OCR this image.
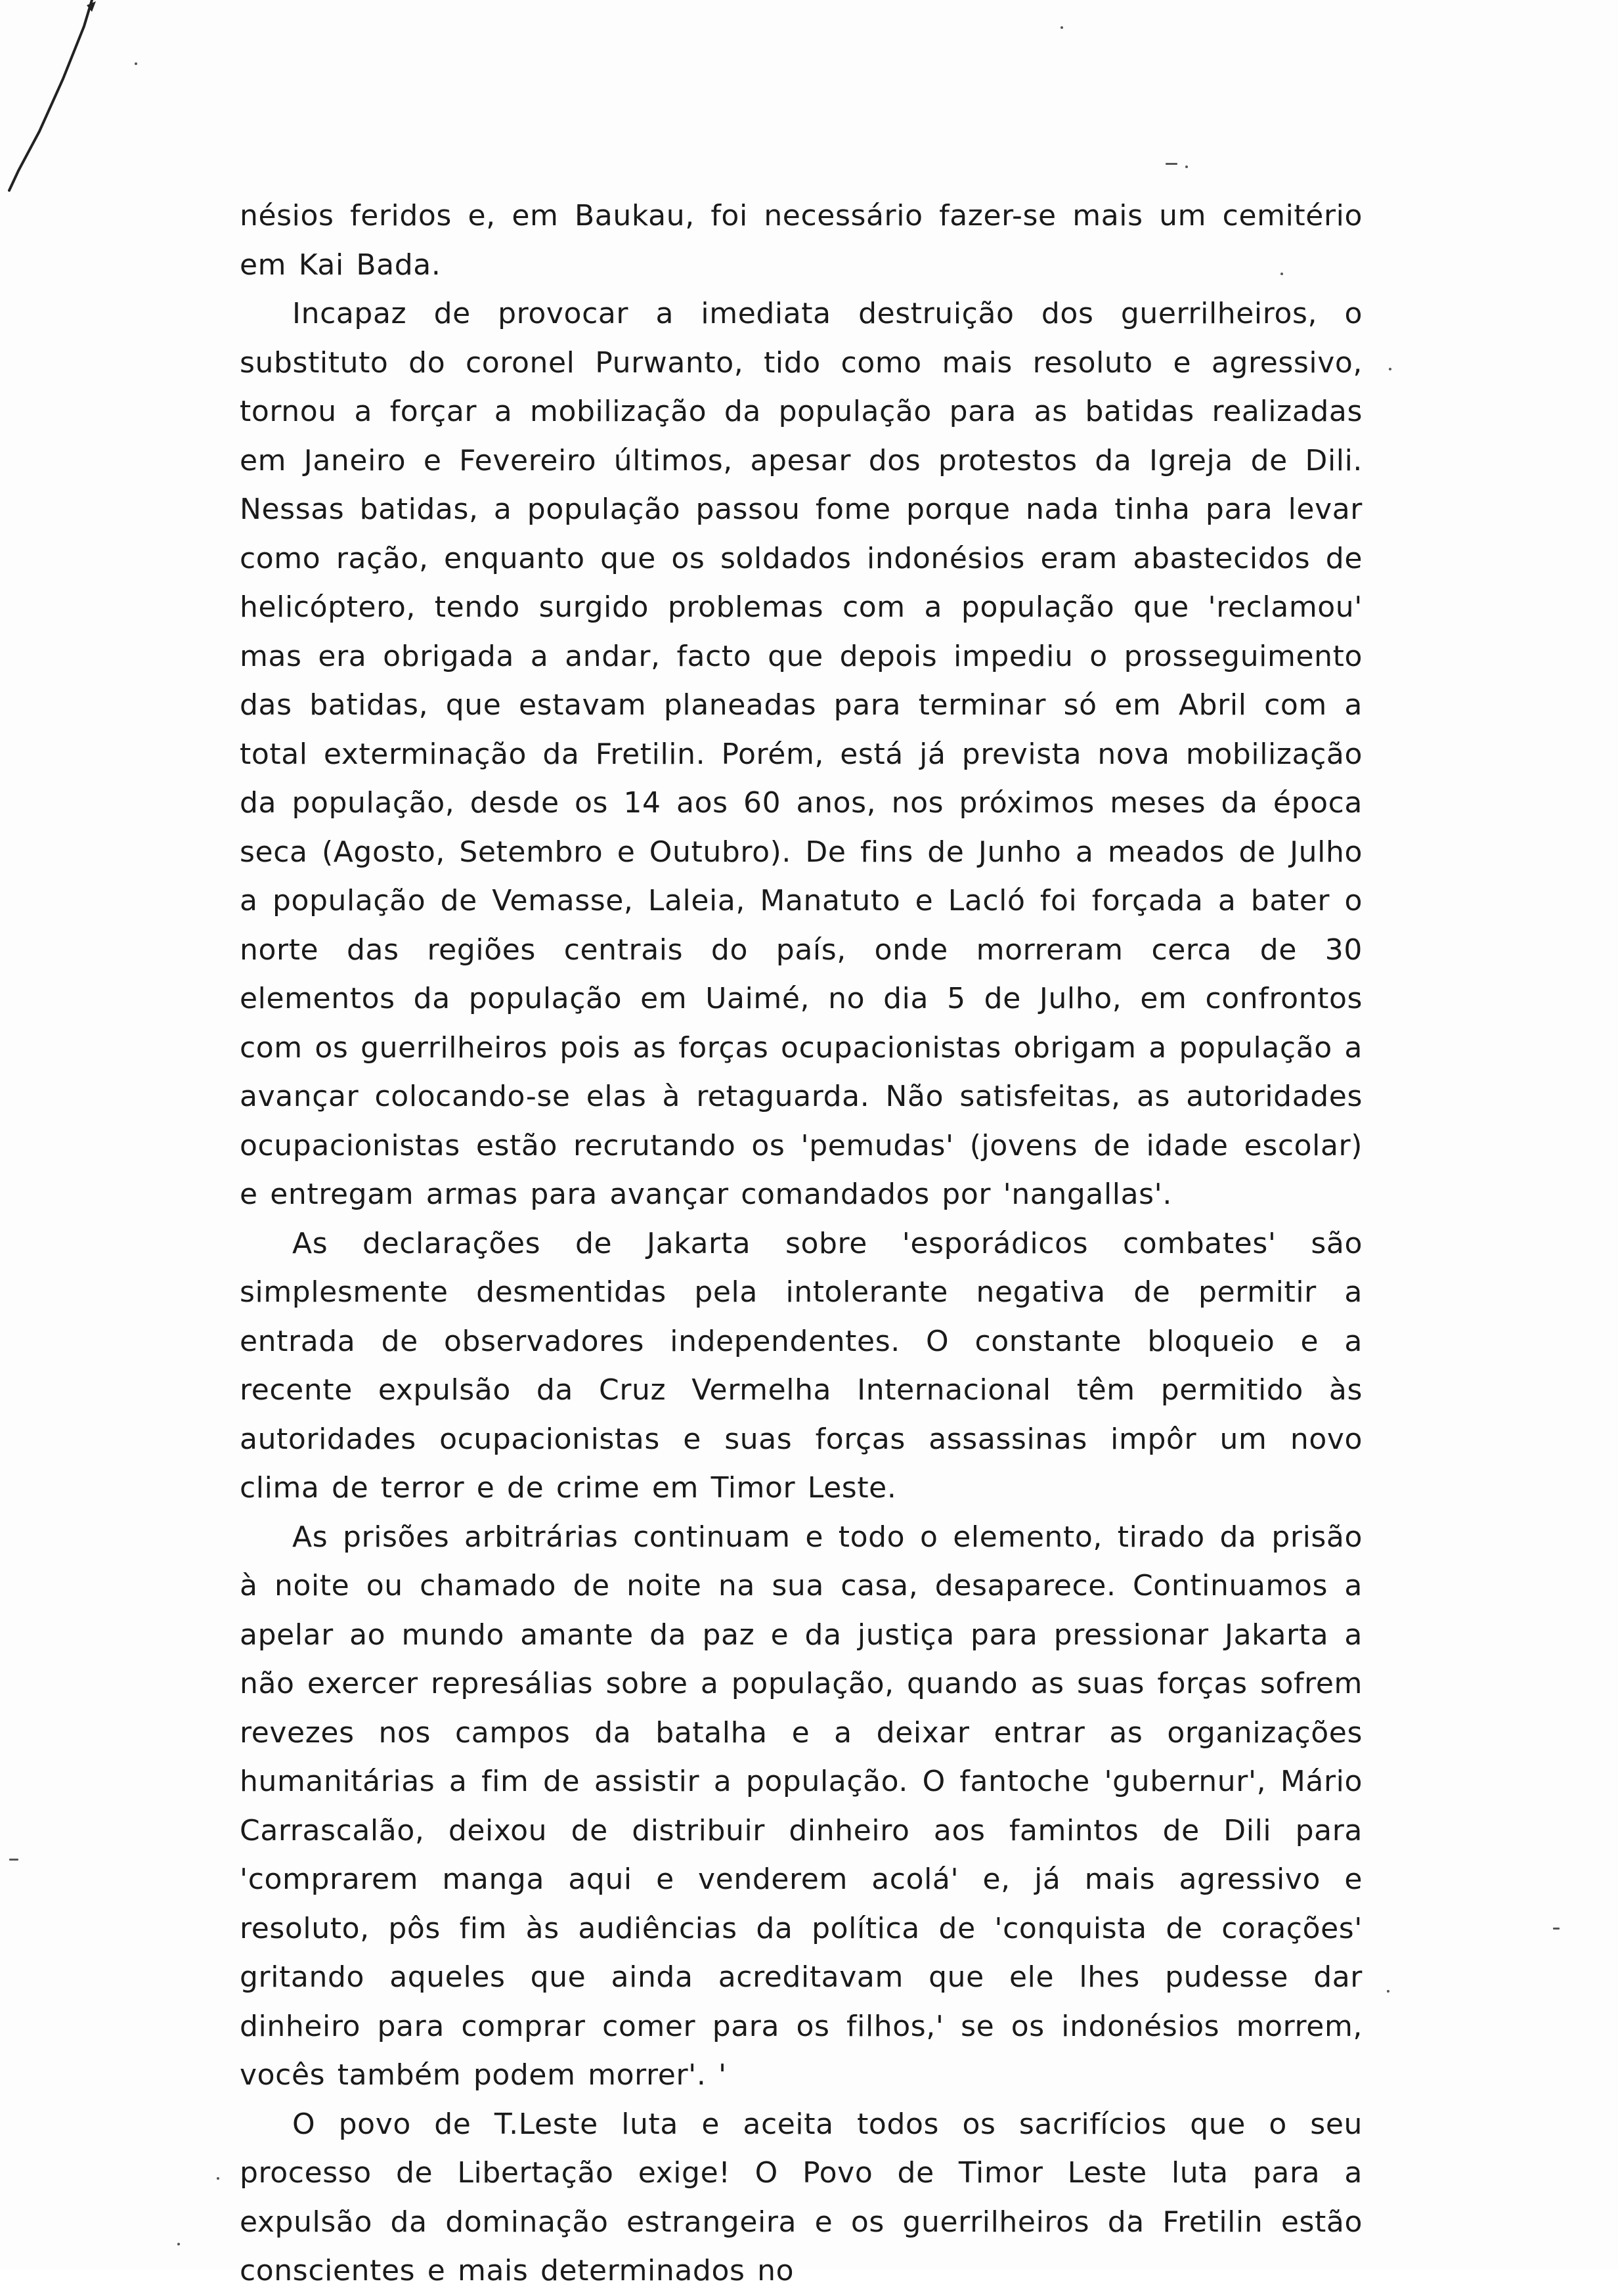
nésios feridos e, em Baukau, foi necessário fazer-se mais um cemitério em Kai Bada.

Incapaz de provocar a imediata destruição dos guerrilheiros, o substituto do coronel Purwanto, tido como mais resoluto e agressivo, tornou a forçar a mobilização da população para as batidas realizadas em Janeiro e Fevereiro últimos, apesar dos protestos da Igreja de Dili. Nessas batidas, a população passou fome porque nada tinha para levar como ração, enquanto que os soldados indonésios eram abastecidos de helicóptero, tendo surgido problemas com a população que 'reclamou' mas era obrigada a andar, facto que depois impediu o prosseguimento das batidas, que estavam planeadas para terminar só em Abril com a total exterminação da Fretilin. Porém, está já prevista nova mobilização da população, desde os 14 aos 60 anos, nos próximos meses da época seca (Agosto, Setembro e Outubro). De fins de Junho a meados de Julho a população de Vemasse, Laleia, Manatuto e Lacló foi forçada a bater o norte das regiões centrais do país, onde morreram cerca de 30 elementos da população em Uaimé, no dia 5 de Julho, em confrontos com os guerrilheiros pois as forças ocupacionistas obrigam a população a avançar colocando-se elas à retaguarda. Não satisfeitas, as autoridades ocupacionistas estão recrutando os 'pemudas' (jovens de idade escolar) e entregam armas para avançar comandados por 'nangallas'.

As declarações de Jakarta sobre 'esporádicos combates' são simplesmente desmentidas pela intolerante negativa de permitir a entrada de observadores independentes. O constante bloqueio e a recente expulsão da Cruz Vermelha Internacional têm permitido às autoridades ocupacionistas e suas forças assassinas impôr um novo clima de terror e de crime em Timor Leste.

As prisões arbitrárias continuam e todo o elemento, tirado da prisão à noite ou chamado de noite na sua casa, desaparece. Continuamos a apelar ao mundo amante da paz e da justiça para pressionar Jakarta a não exercer represálias sobre a população, quando as suas forças sofrem revezes nos campos da batalha e a deixar entrar as organizações humanitárias a fim de assistir a população. O fantoche 'gubernur', Mário Carrascalão, deixou de distribuir dinheiro aos famintos de Dili para 'comprarem manga aqui e venderem acolá' e, já mais agressivo e resoluto, pôs fim às audiências da política de 'conquista de corações' gritando aqueles que ainda acreditavam que ele lhes pudesse dar dinheiro para comprar comer para os filhos,' se os indonésios morrem, vocês também podem morrer'. '

O povo de T.Leste luta e aceita todos os sacrifícios que o seu processo de Libertação exige! O Povo de Timor Leste luta para a expulsão da dominação estrangeira e os guerrilheiros da Fretilin estão conscientes e mais determinados no
